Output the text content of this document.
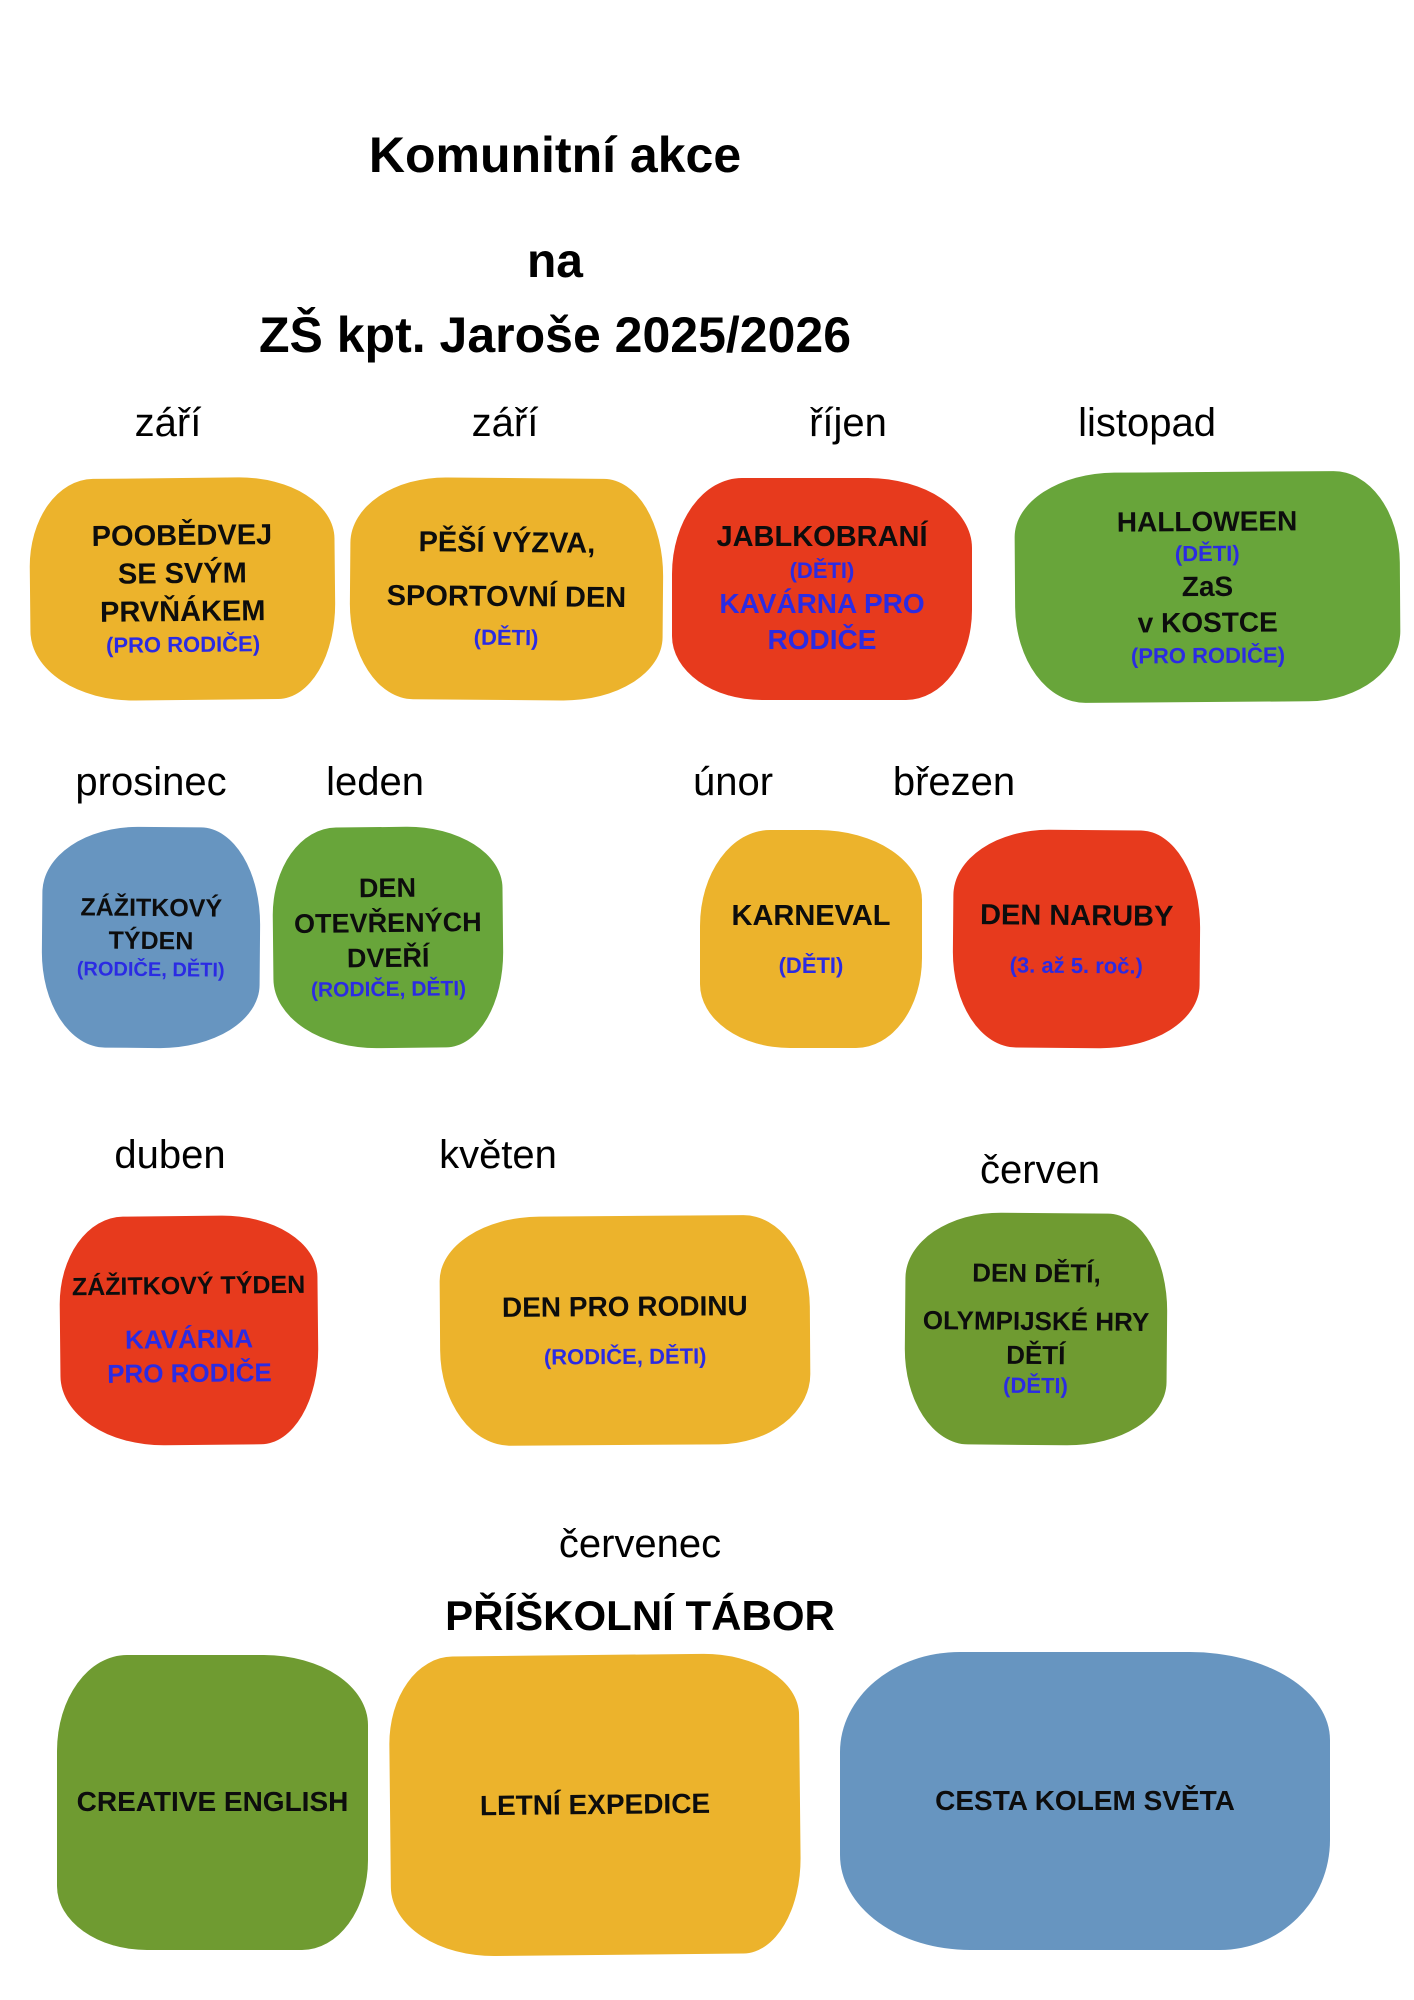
Komunitní akce
na
ZŠ kpt. Jaroše 2025/2026
září	září	říjen	listopad
prosinec	leden	únor	březen
duben	květen	červen
červenec
POOBĚDVEJ
SE SVÝM
PRVŇÁKEM
(PRO RODIČE)
PĚŠÍ VÝZVA,
SPORTOVNÍ DEN
(DĚTI)
JABLKOBRANÍ
(DĚTI)
KAVÁRNA PRO
RODIČE
HALLOWEEN
(DĚTI)
ZaS
v KOSTCE
(PRO RODIČE)
ZÁŽITKOVÝ
TÝDEN
(RODIČE, DĚTI)
DEN
OTEVŘENÝCH
DVEŘÍ
(RODIČE, DĚTI)
KARNEVAL
(DĚTI)
DEN NARUBY
(3. až 5. roč.)
ZÁŽITKOVÝ TÝDEN
KAVÁRNA
PRO RODIČE
DEN PRO RODINU
(RODIČE, DĚTI)
DEN DĚTÍ,
OLYMPIJSKÉ HRY
DĚTÍ
(DĚTI)
PŘÍŠKOLNÍ TÁBOR
CREATIVE ENGLISH	LETNÍ EXPEDICE	CESTA KOLEM SVĚTA
